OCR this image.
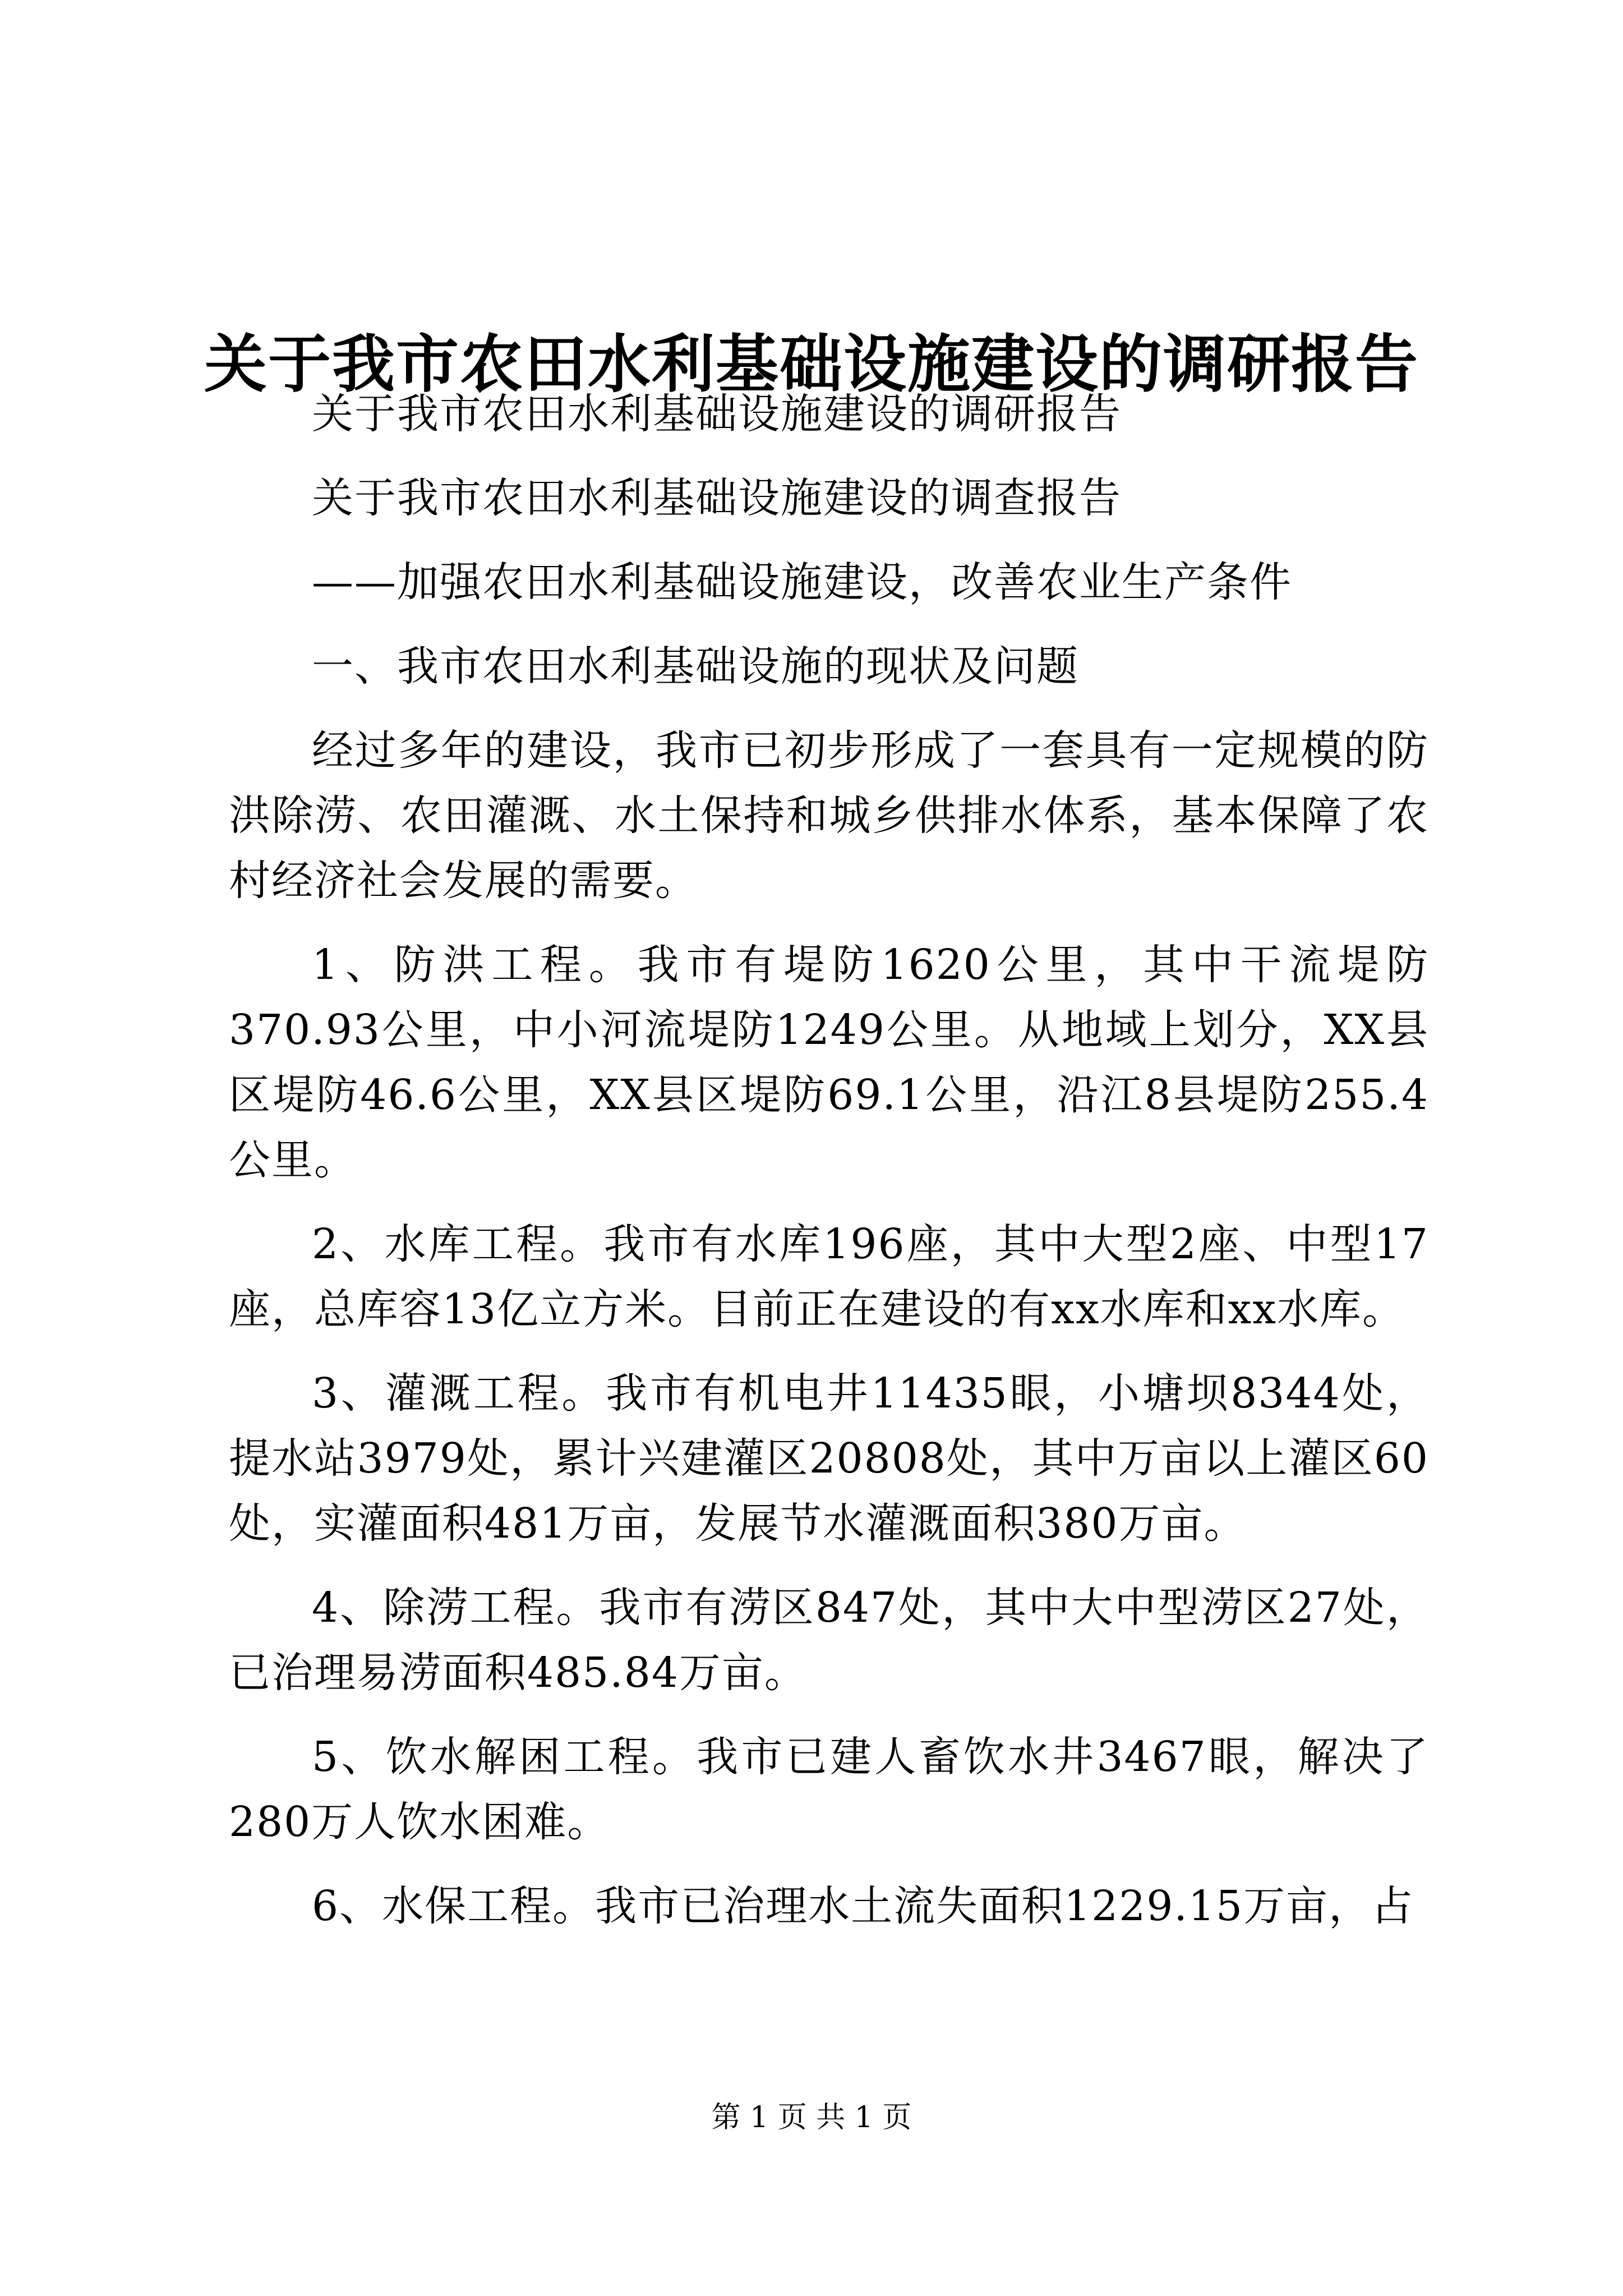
关于我市农田水利基础设施建设的调研报告

关于我市农田水利基础设施建设的调研报告

关于我市农田水利基础设施建设的调查报告

——加强农田水利基础设施建设，改善农业生产条件

一、我市农田水利基础设施的现状及问题

经过多年的建设，我市已初步形成了一套具有一定规模的防洪除涝、农田灌溉、水土保持和城乡供排水体系，基本保障了农村经济社会发展的需要。

1、防洪工程。我市有堤防1620公里，其中干流堤防370.93公里，中小河流堤防1249公里。从地域上划分，XX县区堤防46.6公里，XX县区堤防69.1公里，沿江8县堤防255.4公里。

2、水库工程。我市有水库196座，其中大型2座、中型17座，总库容13亿立方米。目前正在建设的有xx水库和xx水库。

3、灌溉工程。我市有机电井11435眼，小塘坝8344处，提水站3979处，累计兴建灌区20808处，其中万亩以上灌区60处，实灌面积481万亩，发展节水灌溉面积380万亩。

4、除涝工程。我市有涝区847处，其中大中型涝区27处，已治理易涝面积485.84万亩。

5、饮水解困工程。我市已建人畜饮水井3467眼，解决了280万人饮水困难。

6、水保工程。我市已治理水土流失面积1229.15万亩，占

第 1 页 共 1 页
